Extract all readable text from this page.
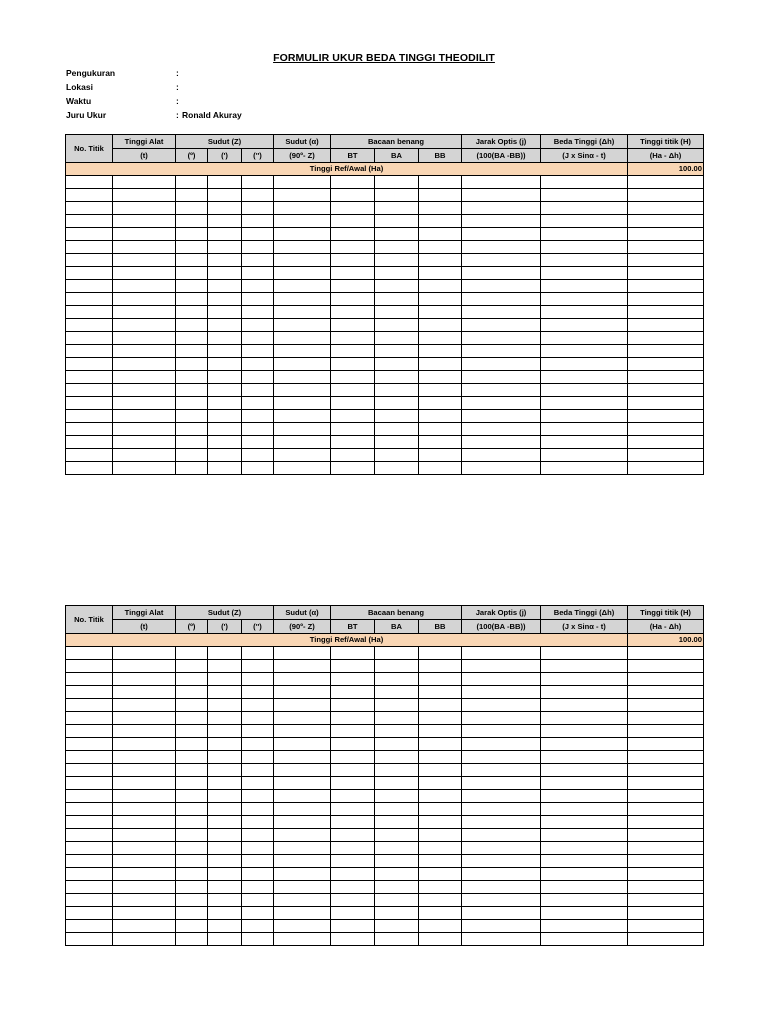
FORMULIR UKUR BEDA TINGGI THEODILIT
Pengukuran	:
Lokasi	:
Waktu	:
Juru Ukur	: Ronald Akuray
No. Titik	Tinggi Alat	Sudut (Z)			Sudut (α)	Bacaan benang			Jarak Optis (j)	Beda Tinggi (Δh)	Tinggi titik (H)
	(t)	(º)	(')	('')	(90º- Z)	BT	BA	BB	(100(BA -BB))	(J x Sinα - t)	(Ha - Δh)
Tinggi Ref/Awal (Ha)											100.00

No. Titik	Tinggi Alat	Sudut (Z)			Sudut (α)	Bacaan benang			Jarak Optis (j)	Beda Tinggi (Δh)	Tinggi titik (H)
	(t)	(º)	(')	('')	(90º- Z)	BT	BA	BB	(100(BA -BB))	(J x Sinα - t)	(Ha - Δh)
Tinggi Ref/Awal (Ha)											100.00
